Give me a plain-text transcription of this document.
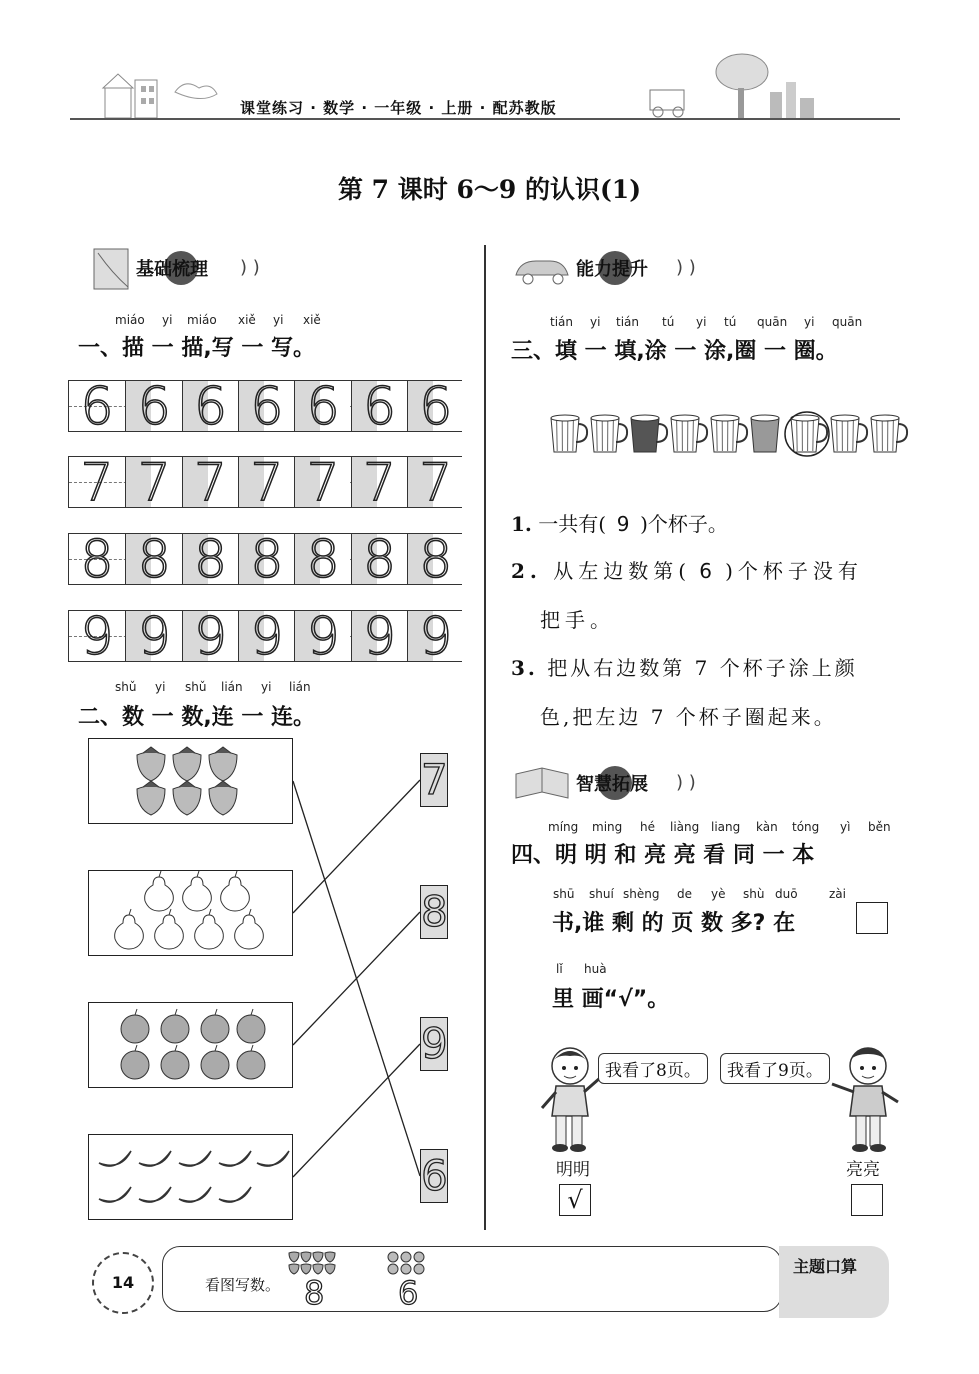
课堂练习 · 数学 · 一年级 · 上册 · 配苏教版
第 7 课时 6～9 的认识(1)
基础梳理 ) )
miáo yi miáo xiě yi xiě
一、描 一 描,写 一 写。
6 6 6 6 6 6 6
7 7 7 7 7 7 7
8 8 8 8 8 8 8
9 9 9 9 9 9 9
shǔ yi shǔ lián yi lián
二、数 一 数,连 一 连。
7
8
9
6
能力提升 ) )
tián yi tián tú yi tú quān yi quān
三、填 一 填,涂 一 涂,圈 一 圈。
1. 一共有( 9 )个杯子。
2. 从左边数第( 6 )个杯子没有
把手。
3. 把从右边数第 7 个杯子涂上颜
色,把左边 7 个杯子圈起来。
智慧拓展 ) )
míng ming hé liàng liang kàn tóng yì běn
四、明 明 和 亮 亮 看 同 一 本
shū shuí shèng de yè shù duō	zài
书,谁 剩 的 页 数 多? 在
lǐ huà
里 画“√”。
我看了8页。	我看了9页。
明明	亮亮
√
14	看图写数。 8 6
主题口算
